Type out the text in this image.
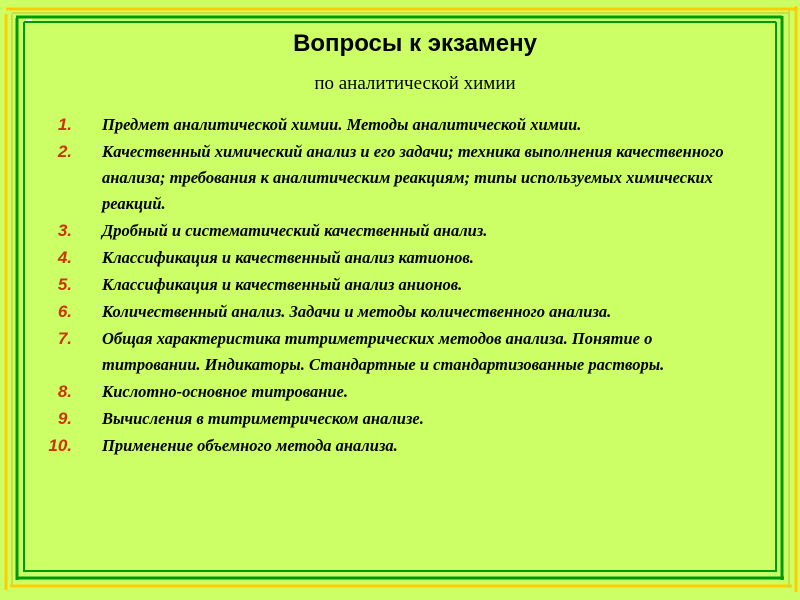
Вопросы к экзамену
по аналитической химии
1. Предмет аналитической химии. Методы аналитической химии.
2. Качественный химический анализ и его задачи; техника выполнения качественного анализа; требования к аналитическим реакциям; типы используемых химических реакций.
3. Дробный и систематический качественный анализ.
4. Классификация и качественный анализ катионов.
5. Классификация и качественный анализ анионов.
6. Количественный анализ. Задачи и методы количественного анализа.
7. Общая характеристика титриметрических методов анализа. Понятие о титровании. Индикаторы. Стандартные и стандартизованные растворы.
8. Кислотно-основное титрование.
9. Вычисления в титриметрическом анализе.
10. Применение объемного метода анализа.
